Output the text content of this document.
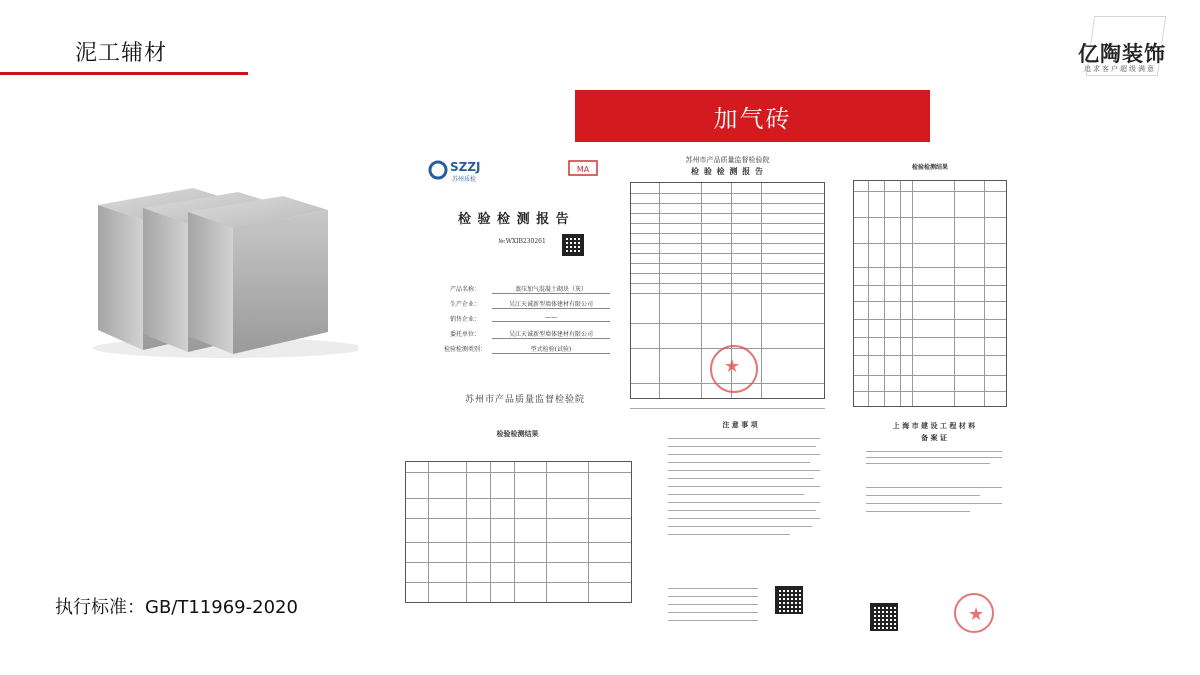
泥工辅材	亿陶装饰
追求客户超级满意
加气砖
执行标准：GB/T11969-2020
SZZJ
苏州质检
MA
检 验 检 测 报 告
№:WXIB230261
产品名称：	蒸压加气混凝土砌块（灰）
生产企业：	吴江天诚新型墙体建材有限公司
销售企业：	——
委托单位：	吴江天诚新型墙体建材有限公司
检验检测类别：	型式检验(试验)
苏州市产品质量监督检验院
苏州市产品质量监督检验院
检 验 检 测 报 告
★	检验检测结果
检验检测结果
注 意 事 项	上 海 市 建 设 工 程 材 料
备 案 证
★
